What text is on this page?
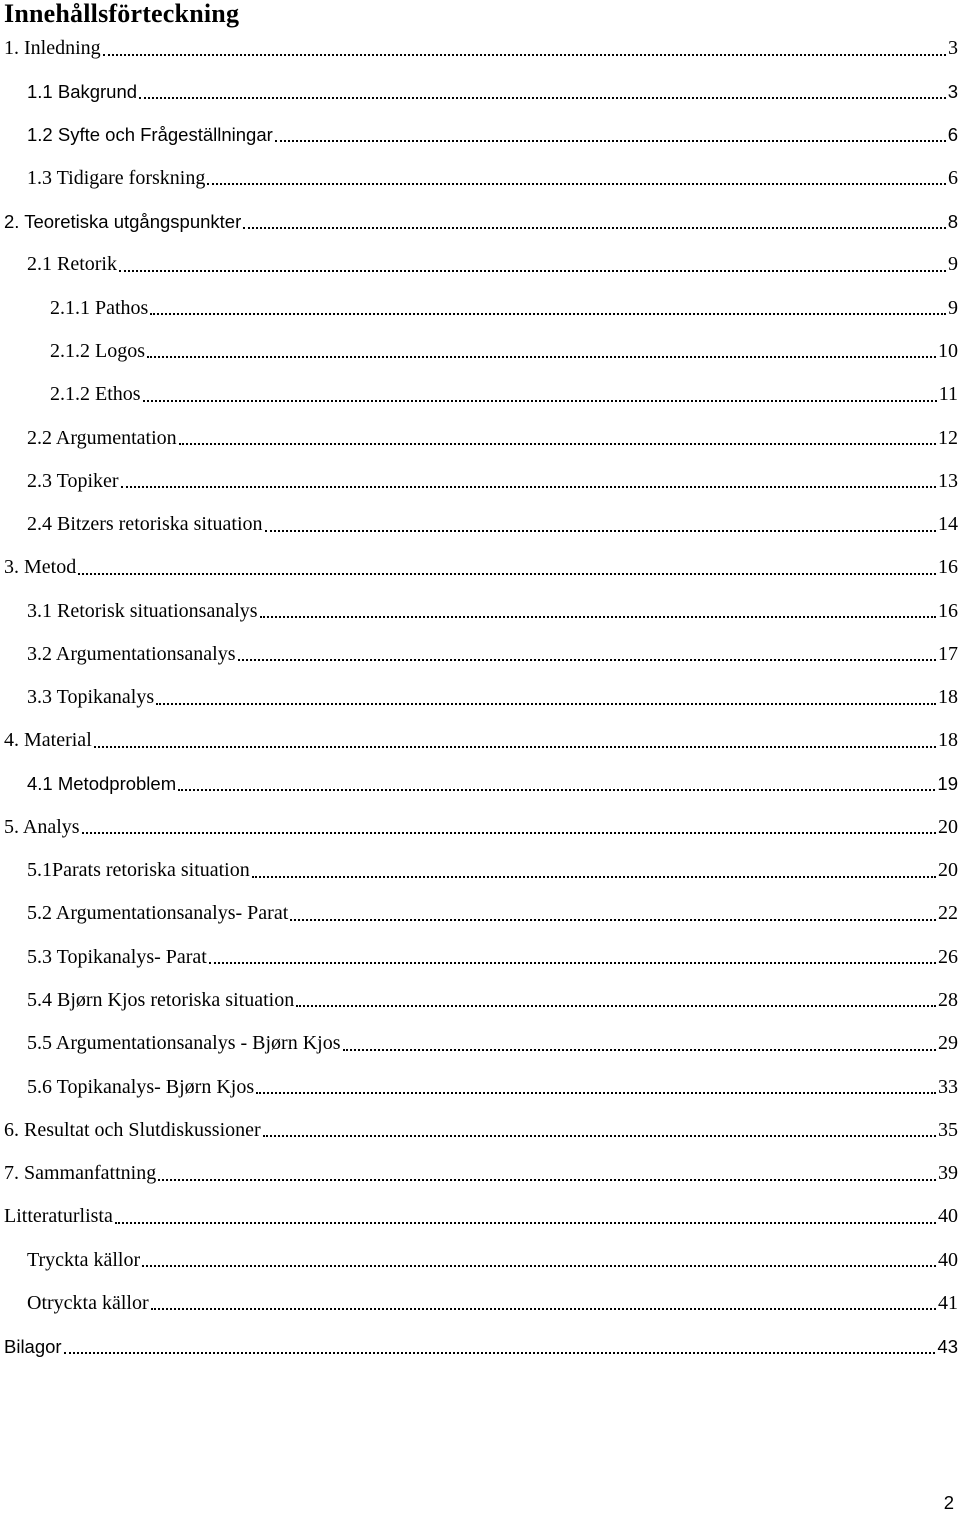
Innehållsförteckning
1. Inledning	3
1.1 Bakgrund	3
1.2 Syfte och Frågeställningar	6
1.3 Tidigare forskning	6
2. Teoretiska utgångspunkter	8
2.1 Retorik	9
2.1.1 Pathos	9
2.1.2 Logos	10
2.1.2 Ethos	11
2.2 Argumentation	12
2.3 Topiker	13
2.4 Bitzers retoriska situation	14
3. Metod	16
3.1 Retorisk situationsanalys	16
3.2 Argumentationsanalys	17
3.3 Topikanalys	18
4. Material	18
4.1 Metodproblem	19
5. Analys	20
5.1Parats retoriska situation	20
5.2 Argumentationsanalys- Parat	22
5.3 Topikanalys- Parat	26
5.4 Bjørn Kjos retoriska situation	28
5.5 Argumentationsanalys - Bjørn Kjos	29
5.6 Topikanalys- Bjørn Kjos	33
6. Resultat och Slutdiskussioner	35
7. Sammanfattning	39
Litteraturlista	40
Tryckta källor	40
Otryckta källor	41
Bilagor	43
2
